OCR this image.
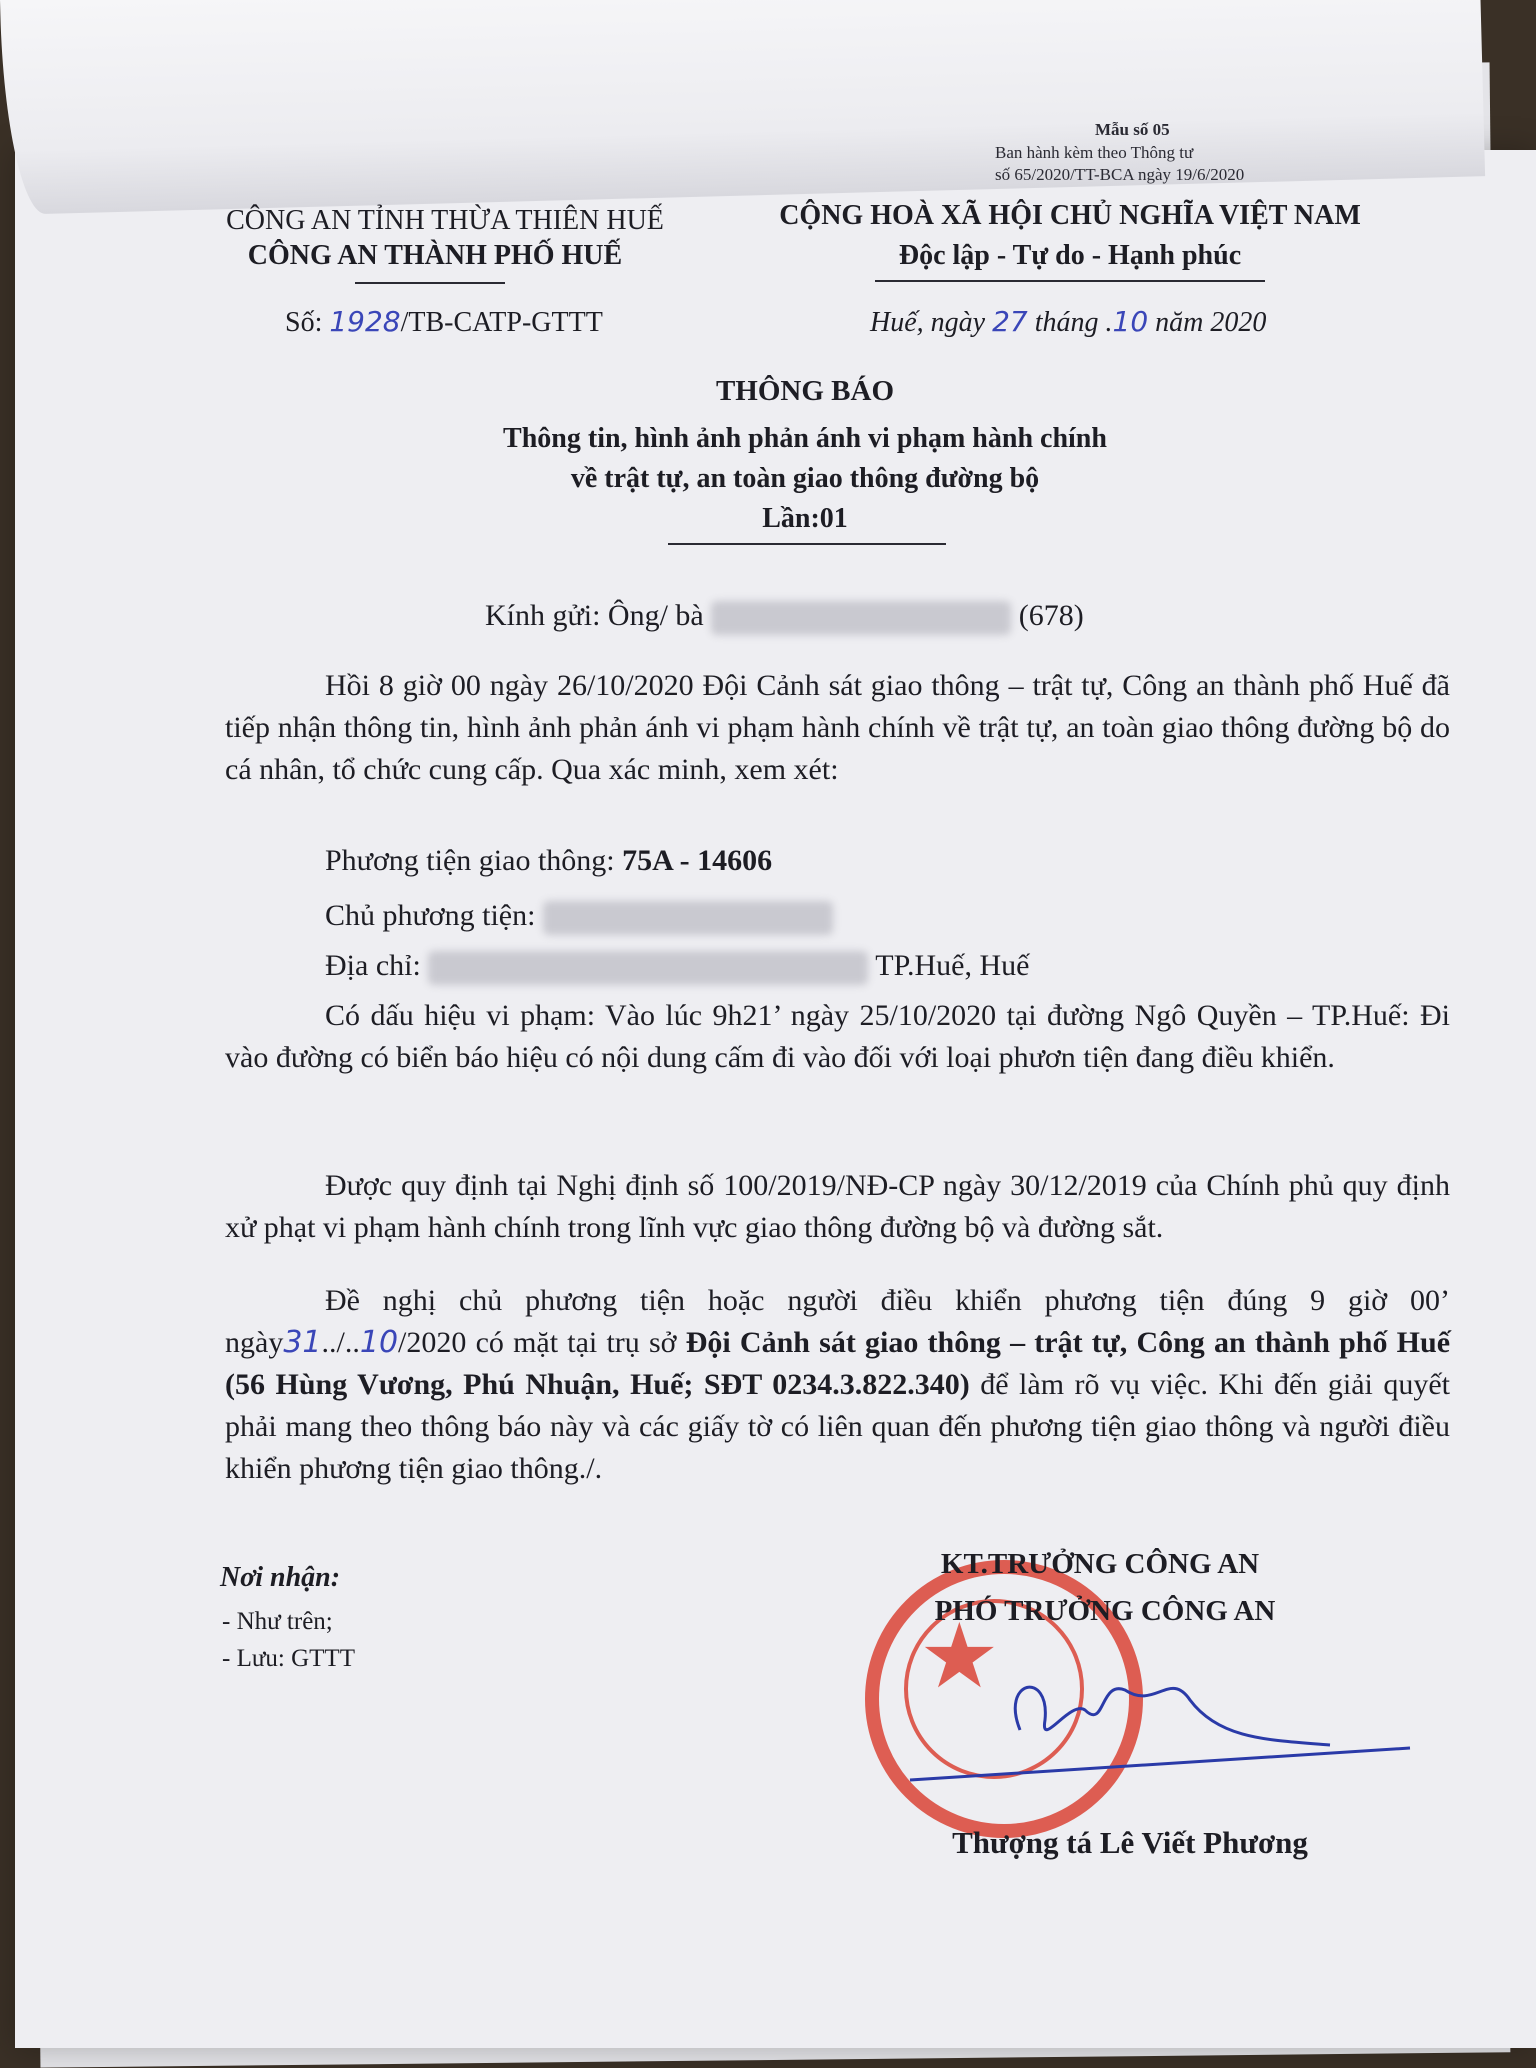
Mẫu số 05
Ban hành kèm theo Thông tư
số 65/2020/TT-BCA ngày 19/6/2020
CÔNG AN TỈNH THỪA THIÊN HUẾ
CÔNG AN THÀNH PHỐ HUẾ
Số: 1928/TB-CATP-GTTT
CỘNG HOÀ XÃ HỘI CHỦ NGHĨA VIỆT NAM
Độc lập - Tự do - Hạnh phúc
Huế, ngày 27 tháng .10 năm 2020
THÔNG BÁO
Thông tin, hình ảnh phản ánh vi phạm hành chính
về trật tự, an toàn giao thông đường bộ
Lần:01
Kính gửi: Ông/ bà	(678)
Hồi 8 giờ 00 ngày 26/10/2020 Đội Cảnh sát giao thông – trật tự, Công an thành phố Huế đã tiếp nhận thông tin, hình ảnh phản ánh vi phạm hành chính về trật tự, an toàn giao thông đường bộ do cá nhân, tổ chức cung cấp. Qua xác minh, xem xét:
Phương tiện giao thông: 75A - 14606
Chủ phương tiện:
Địa chỉ:	TP.Huế, Huế
Có dấu hiệu vi phạm: Vào lúc 9h21’ ngày 25/10/2020 tại đường Ngô Quyền – TP.Huế: Đi vào đường có biển báo hiệu có nội dung cấm đi vào đối với loại phươn tiện đang điều khiển.
Được quy định tại Nghị định số 100/2019/NĐ-CP ngày 30/12/2019 của Chính phủ quy định xử phạt vi phạm hành chính trong lĩnh vực giao thông đường bộ và đường sắt.
Đề nghị chủ phương tiện hoặc người điều khiển phương tiện đúng 9 giờ 00’ ngày31../..10/2020 có mặt tại trụ sở Đội Cảnh sát giao thông – trật tự, Công an thành phố Huế (56 Hùng Vương, Phú Nhuận, Huế; SĐT 0234.3.822.340) để làm rõ vụ việc. Khi đến giải quyết phải mang theo thông báo này và các giấy tờ có liên quan đến phương tiện giao thông và người điều khiển phương tiện giao thông./.
Nơi nhận:
- Như trên;
- Lưu: GTTT	★
KT.TRƯỞNG CÔNG AN
PHÓ TRƯỞNG CÔNG AN
Thượng tá Lê Viết Phương
